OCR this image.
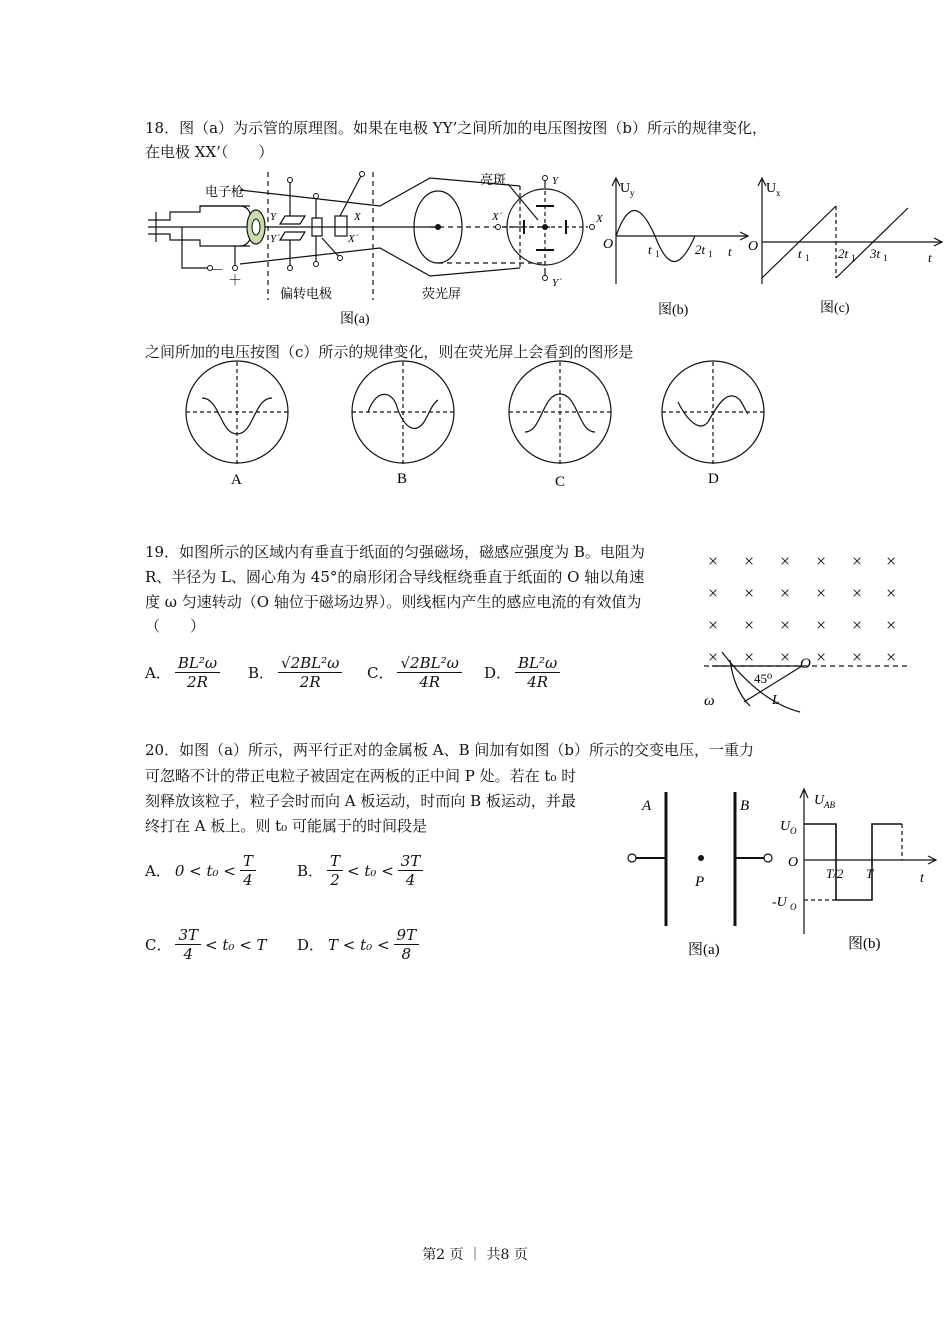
18．图（a）为示管的原理图。如果在电极 YY’之间所加的电压图按图（b）所示的规律变化，
在电极 XX’（　　）
电子枪
亮斑
偏转电极	荧光屏
－
＋
Y
Y´
X
X´
X´	X
Y
Y´
图(a)
U y
O	t 1	2t 1 t
图(b)
U x
O	t 1 2t 1 3t 1	t
图(c)
之间所加的电压按图（c）所示的规律变化，则在荧光屏上会看到的图形是
A	B	C	D
19．如图所示的区域内有垂直于纸面的匀强磁场，磁感应强度为 B。电阻为
R、半径为 L、圆心角为 45°的扇形闭合导线框绕垂直于纸面的 O 轴以角速
度 ω 匀速转动（O 轴位于磁场边界）。则线框内产生的感应电流的有效值为
（　　）
A． $\frac{\text{BL²ω}}{2R}$ B． $\frac{\text{√2BL²ω}}{2R}$ C． $\frac{\text{√2BL²ω}}{4R}$ D． $\frac{\text{BL²ω}}{4R}$
× × × × × ×
× × × × × ×
× × × × × ×
× × × × × ×
45⁰
O
L
ω
20．如图（a）所示，两平行正对的金属板 A、B 间加有如图（b）所示的交变电压，一重力
可忽略不计的带正电粒子被固定在两板的正中间 P 处。若在 t₀ 时
刻释放该粒子，粒子会时而向 A 板运动，时而向 B 板运动，并最
终打在 A 板上。则 t₀ 可能属于的时间段是
A． $0 < t_0 < \frac{T}{4}$	B． $\frac{T}{2} < t_0 < \frac{3T}{4}$
C． $\frac{3T}{4} < t_0 < T$ D． $T < t_0 < \frac{9T}{8}$
A	B
P
图(a)
U AB
U O
O
-U O
T/2 T	t
图(b)
第2 页 ｜ 共8 页
